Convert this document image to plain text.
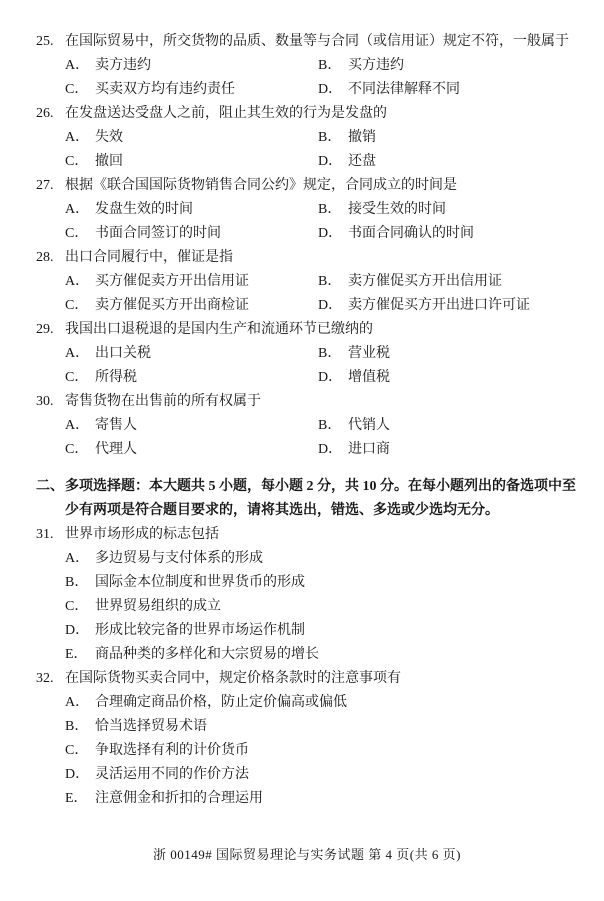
25. 在国际贸易中，所交货物的品质、数量等与合同（或信用证）规定不符，一般属于
A． 卖方违约	B． 买方违约
C． 买卖双方均有违约责任	D． 不同法律解释不同
26. 在发盘送达受盘人之前，阻止其生效的行为是发盘的
A． 失效	B． 撤销
C． 撤回	D． 还盘
27. 根据《联合国国际货物销售合同公约》规定，合同成立的时间是
A． 发盘生效的时间	B． 接受生效的时间
C． 书面合同签订的时间	D． 书面合同确认的时间
28. 出口合同履行中，催证是指
A． 买方催促卖方开出信用证	B． 卖方催促买方开出信用证
C． 卖方催促买方开出商检证	D． 卖方催促买方开出进口许可证
29. 我国出口退税退的是国内生产和流通环节已缴纳的
A． 出口关税	B． 营业税
C． 所得税	D． 增值税
30. 寄售货物在出售前的所有权属于
A． 寄售人	B． 代销人
C． 代理人	D． 进口商
二、 多项选择题：本大题共 5 小题，每小题 2 分，共 10 分。在每小题列出的备选项中至少有两项是符合题目要求的，请将其选出，错选、多选或少选均无分。
31. 世界市场形成的标志包括
A． 多边贸易与支付体系的形成
B． 国际金本位制度和世界货币的形成
C． 世界贸易组织的成立
D． 形成比较完备的世界市场运作机制
E． 商品种类的多样化和大宗贸易的增长
32. 在国际货物买卖合同中，规定价格条款时的注意事项有
A． 合理确定商品价格，防止定价偏高或偏低
B． 恰当选择贸易术语
C． 争取选择有利的计价货币
D． 灵活运用不同的作价方法
E． 注意佣金和折扣的合理运用
浙 00149# 国际贸易理论与实务试题 第 4 页(共 6 页)
